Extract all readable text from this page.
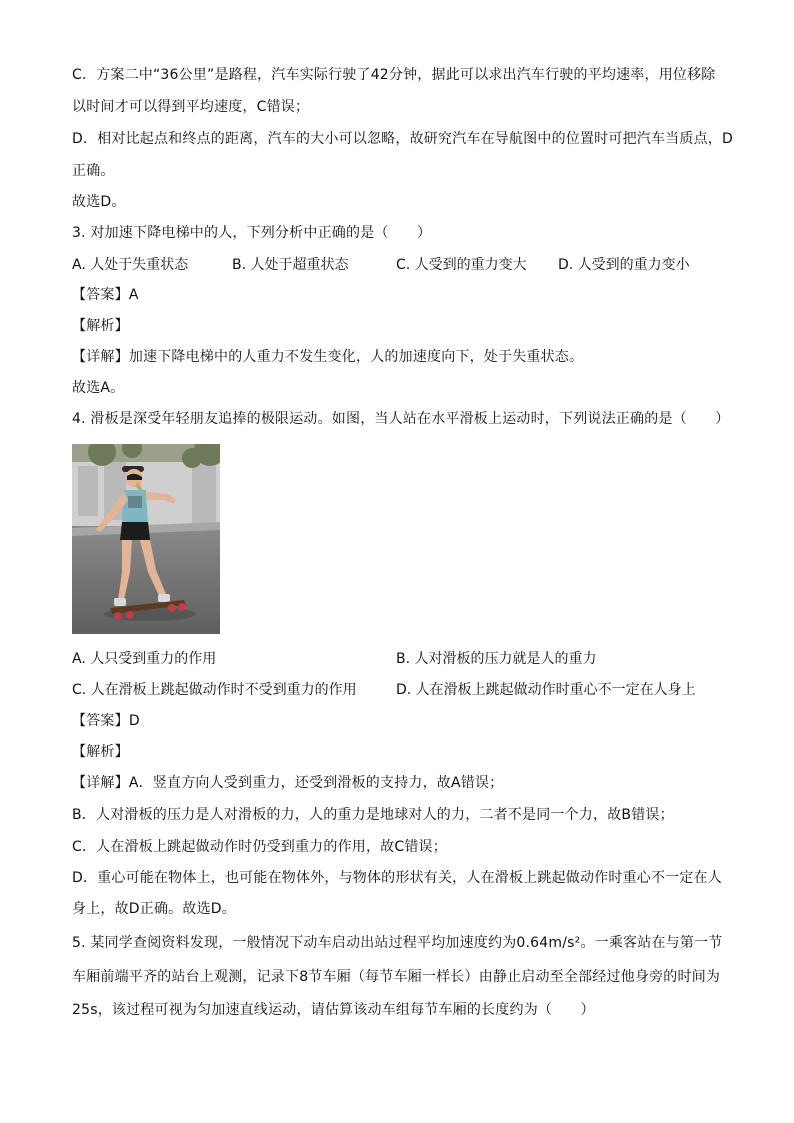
C．方案二中“36公里”是路程，汽车实际行驶了42分钟，据此可以求出汽车行驶的平均速率，用位移除
以时间才可以得到平均速度，C错误；
D．相对比起点和终点的距离，汽车的大小可以忽略，故研究汽车在导航图中的位置时可把汽车当质点，D
正确。
故选D。
3. 对加速下降电梯中的人，下列分析中正确的是（　　）
A. 人处于失重状态	B. 人处于超重状态	C. 人受到的重力变大 D. 人受到的重力变小
【答案】A
【解析】
【详解】加速下降电梯中的人重力不发生变化，人的加速度向下，处于失重状态。
故选A。
4. 滑板是深受年轻朋友追捧的极限运动。如图，当人站在水平滑板上运动时，下列说法正确的是（　　）
A. 人只受到重力的作用	B. 人对滑板的压力就是人的重力
C. 人在滑板上跳起做动作时不受到重力的作用	D. 人在滑板上跳起做动作时重心不一定在人身上
【答案】D
【解析】
【详解】A．竖直方向人受到重力，还受到滑板的支持力，故A错误；
B．人对滑板的压力是人对滑板的力，人的重力是地球对人的力，二者不是同一个力，故B错误；
C．人在滑板上跳起做动作时仍受到重力的作用，故C错误；
D．重心可能在物体上，也可能在物体外，与物体的形状有关，人在滑板上跳起做动作时重心不一定在人
身上，故D正确。故选D。
5. 某同学查阅资料发现，一般情况下动车启动出站过程平均加速度约为0.64m/s²。一乘客站在与第一节
车厢前端平齐的站台上观测，记录下8节车厢（每节车厢一样长）由静止启动至全部经过他身旁的时间为
25s，该过程可视为匀加速直线运动，请估算该动车组每节车厢的长度约为（　　）
